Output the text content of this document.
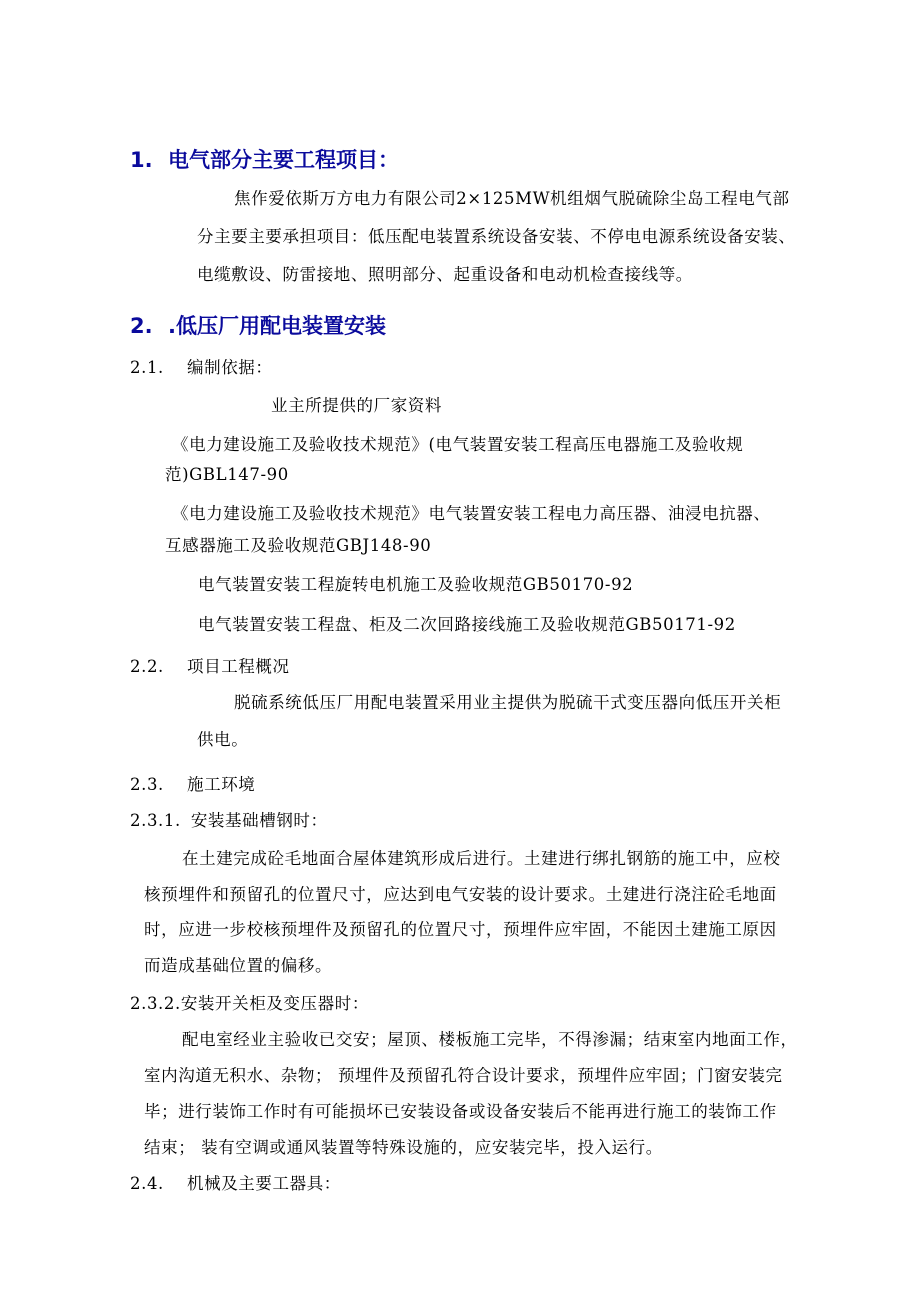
1. 电气部分主要工程项目：
焦作爱依斯万方电力有限公司2×125MW机组烟气脱硫除尘岛工程电气部
分主要主要承担项目：低压配电装置系统设备安装、不停电电源系统设备安装、
电缆敷设、防雷接地、照明部分、起重设备和电动机检查接线等。
2. .低压厂用配电装置安装
2.1. 编制依据：
业主所提供的厂家资料
《电力建设施工及验收技术规范》(电气装置安装工程高压电器施工及验收规
范)GBL147-90
《电力建设施工及验收技术规范》电气装置安装工程电力高压器、油浸电抗器、
互感器施工及验收规范GBJ148-90
电气装置安装工程旋转电机施工及验收规范GB50170-92
电气装置安装工程盘、柜及二次回路接线施工及验收规范GB50171-92
2.2. 项目工程概况
脱硫系统低压厂用配电装置采用业主提供为脱硫干式变压器向低压开关柜
供电。
2.3. 施工环境
2.3.1. 安装基础槽钢时：
在土建完成砼毛地面合屋体建筑形成后进行。土建进行绑扎钢筋的施工中，应校
核预埋件和预留孔的位置尺寸，应达到电气安装的设计要求。土建进行浇注砼毛地面
时，应进一步校核预埋件及预留孔的位置尺寸，预埋件应牢固，不能因土建施工原因
而造成基础位置的偏移。
2.3.2.安装开关柜及变压器时：
配电室经业主验收已交安；屋顶、楼板施工完毕，不得渗漏；结束室内地面工作，
室内沟道无积水、杂物； 预埋件及预留孔符合设计要求，预埋件应牢固；门窗安装完
毕；进行装饰工作时有可能损坏已安装设备或设备安装后不能再进行施工的装饰工作
结束； 装有空调或通风装置等特殊设施的，应安装完毕，投入运行。
2.4. 机械及主要工器具：
